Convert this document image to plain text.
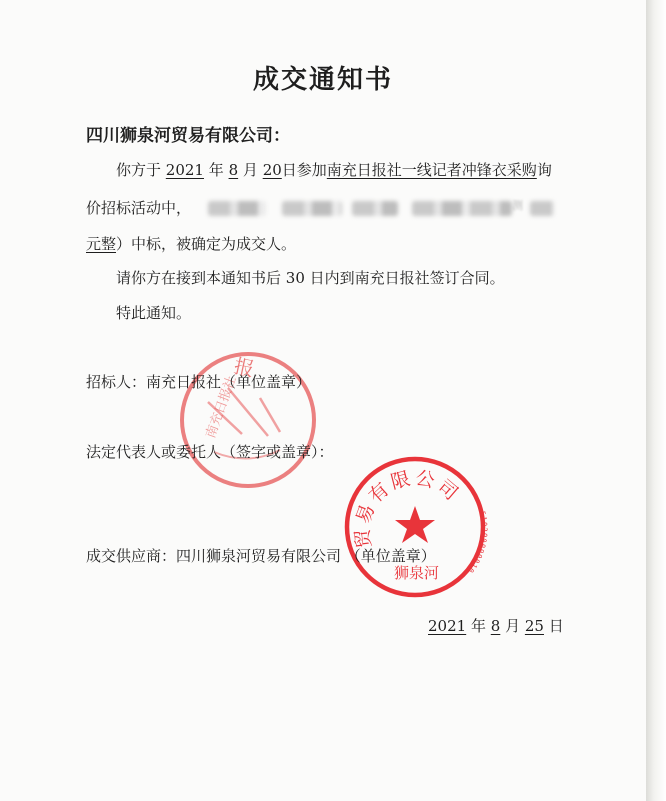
成交通知书
四川狮泉河贸易有限公司：
你方于 2021 年 8 月 20日参加南充日报社一线记者冲锋衣采购询
价招标活动中，	测
元整）中标，被确定为成交人。
请你方在接到本通知书后 30 日内到南充日报社签订合同。
特此通知。
报
南充日报社
招标人：南充日报社（单位盖章）
法定代表人或委托人（签字或盖章）：
贸易有限公司
510200000010
狮泉河
成交供应商：四川狮泉河贸易有限公司 （单位盖章）
2021 年 8 月 25 日
